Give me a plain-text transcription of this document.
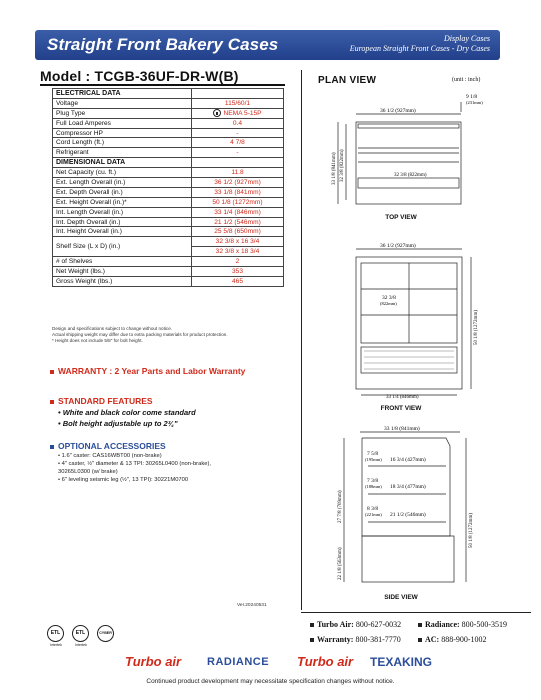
Straight Front Bakery Cases	Display Cases
European Straight Front Cases - Dry Cases
Model : TCGB-36UF-DR-W(B)
ELECTRICAL DATA	
Voltage	115/60/1
Plug Type	NEMA 5-15P
Full Load Amperes	0.4
Compressor HP	-
Cord Length (ft.)	4 7/8
Refrigerant	-
DIMENSIONAL DATA	
Net Capacity (cu. ft.)	11.8
Ext. Length Overall (in.)	36 1/2 (927mm)
Ext. Depth Overall (in.)	33 1/8 (841mm)
Ext. Height Overall (in.)*	50 1/8 (1272mm)
Int. Length Overall (in.)	33 1/4 (846mm)
Int. Depth Overall (in.)	21 1/2 (546mm)
Int. Height Overall (in.)	25 5/8 (650mm)
Shelf Size (L x D) (in.)	32 3/8 x 16 3/4
	32 3/8 x 18 3/4
# of Shelves	2
Net Weight (lbs.)	353
Gross Weight (lbs.)	465
Design and specifications subject to change without notice.
Actual shipping weight may differ due to extra packing materials for product protection.
* Height does not include 5/8" for bolt height.
WARRANTY : 2 Year Parts and Labor Warranty
STANDARD FEATURES
• White and black color come standard
• Bolt height adjustable up to 2¾"
OPTIONAL ACCESSORIES
• 1.6" caster: CAS16WBT00 (non-brake)
• 4" caster, ½" diameter & 13 TPI: 30265L0400 (non-brake),
30265L0300 (w/ brake)
• 6" leveling seismic leg (½", 13 TPI): 30221M0700
Ver.20240531
ETL
Intertek
ETL
Intertek
CYBER
PLAN VIEW	(unit : inch)
9 1/8
(231mm)
36 1/2 (927mm)
33 1/8 (841mm) 32 3/8 (822mm)	32 3/8 (822mm)
TOP VIEW
36 1/2 (927mm)
32 3/8
(822mm)
50 1/8 (1272mm)
33 1/4 (846mm)
FRONT VIEW
33 1/8 (841mm)
7 5/8
(195mm) 16 3/4 (427mm)
7 3/8
(188mm) 18 3/4 (477mm)
8 3/8
(221mm) 21 1/2 (546mm)
27 7/8 (709mm)
22 1/8 (563mm)
50 1/8 (1272mm)
SIDE VIEW
Turbo Air: 800-627-0032	Radiance: 800-500-3519
Warranty: 800-381-7770	AC: 888-900-1002
Turbo air RADIANCE Turbo air TEXAKING
Continued product development may necessitate specification changes without notice.
